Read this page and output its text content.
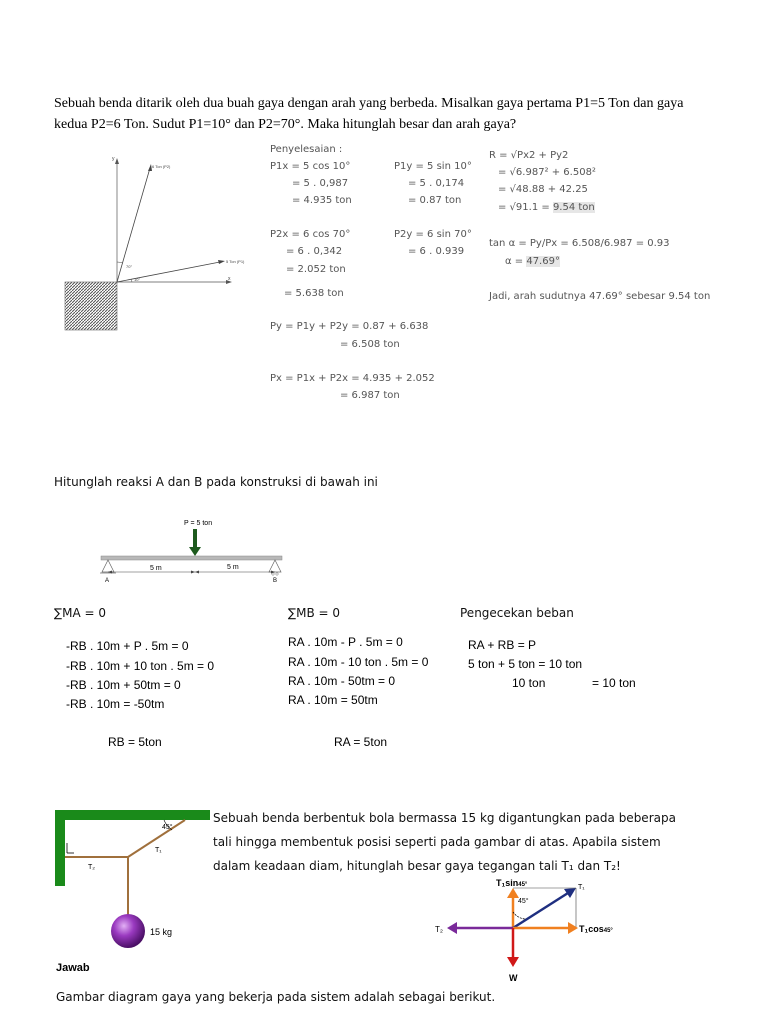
Sebuah benda ditarik oleh dua buah gaya dengan arah yang berbeda. Misalkan gaya pertama P1=5 Ton dan gaya kedua P2=6 Ton. Sudut P1=10° dan P2=70°. Maka hitunglah besar dan arah gaya?
y
x
6 Ton (P2)
5 Ton (P1)
70°
10°
Penyelesaian :
P1x = 5 cos 10°
= 5 . 0,987
= 4.935 ton
P2x = 6 cos 70°
= 6 . 0,342
= 2.052 ton
= 5.638 ton
Py = P1y + P2y = 0.87 + 6.638
= 6.508 ton
Px = P1x + P2x = 4.935 + 2.052
= 6.987 ton
P1y = 5 sin 10°
= 5 . 0,174
= 0.87 ton
P2y = 6 sin 70°
= 6 . 0.939
R = √Px2 + Py2
= √6.987² + 6.508²
= √48.88 + 42.25
= √91.1 = 9.54 ton
tan α = Py/Px = 6.508/6.987 = 0.93
α = 47.69°
Jadi, arah sudutnya 47.69° sebesar 9.54 ton
Hitunglah reaksi A dan B pada konstruksi di bawah ini
P = 5 ton
5 m	5 m
A	B
∑MA = 0	∑MB = 0	Pengecekan beban
-RB . 10m + P . 5m = 0
-RB . 10m + 10 ton . 5m = 0
-RB . 10m + 50tm = 0
-RB . 10m = -50tm
RB = 5ton
RA . 10m - P . 5m = 0
RA . 10m - 10 ton . 5m = 0
RA . 10m - 50tm = 0
RA . 10m = 50tm
RA = 5ton
RA + RB = P
5 ton + 5 ton = 10 ton
10 ton	= 10 ton
45°
T₁
T₂
15 kg
Sebuah benda berbentuk bola bermassa 15 kg digantungkan pada beberapa
tali hingga membentuk posisi seperti pada gambar di atas. Apabila sistem
dalam keadaan diam, hitunglah besar gaya tegangan tali T₁ dan T₂!
T₁sin45°	T₁
45°
T₂	T₁cos45°
W
Jawab
Gambar diagram gaya yang bekerja pada sistem adalah sebagai berikut.
